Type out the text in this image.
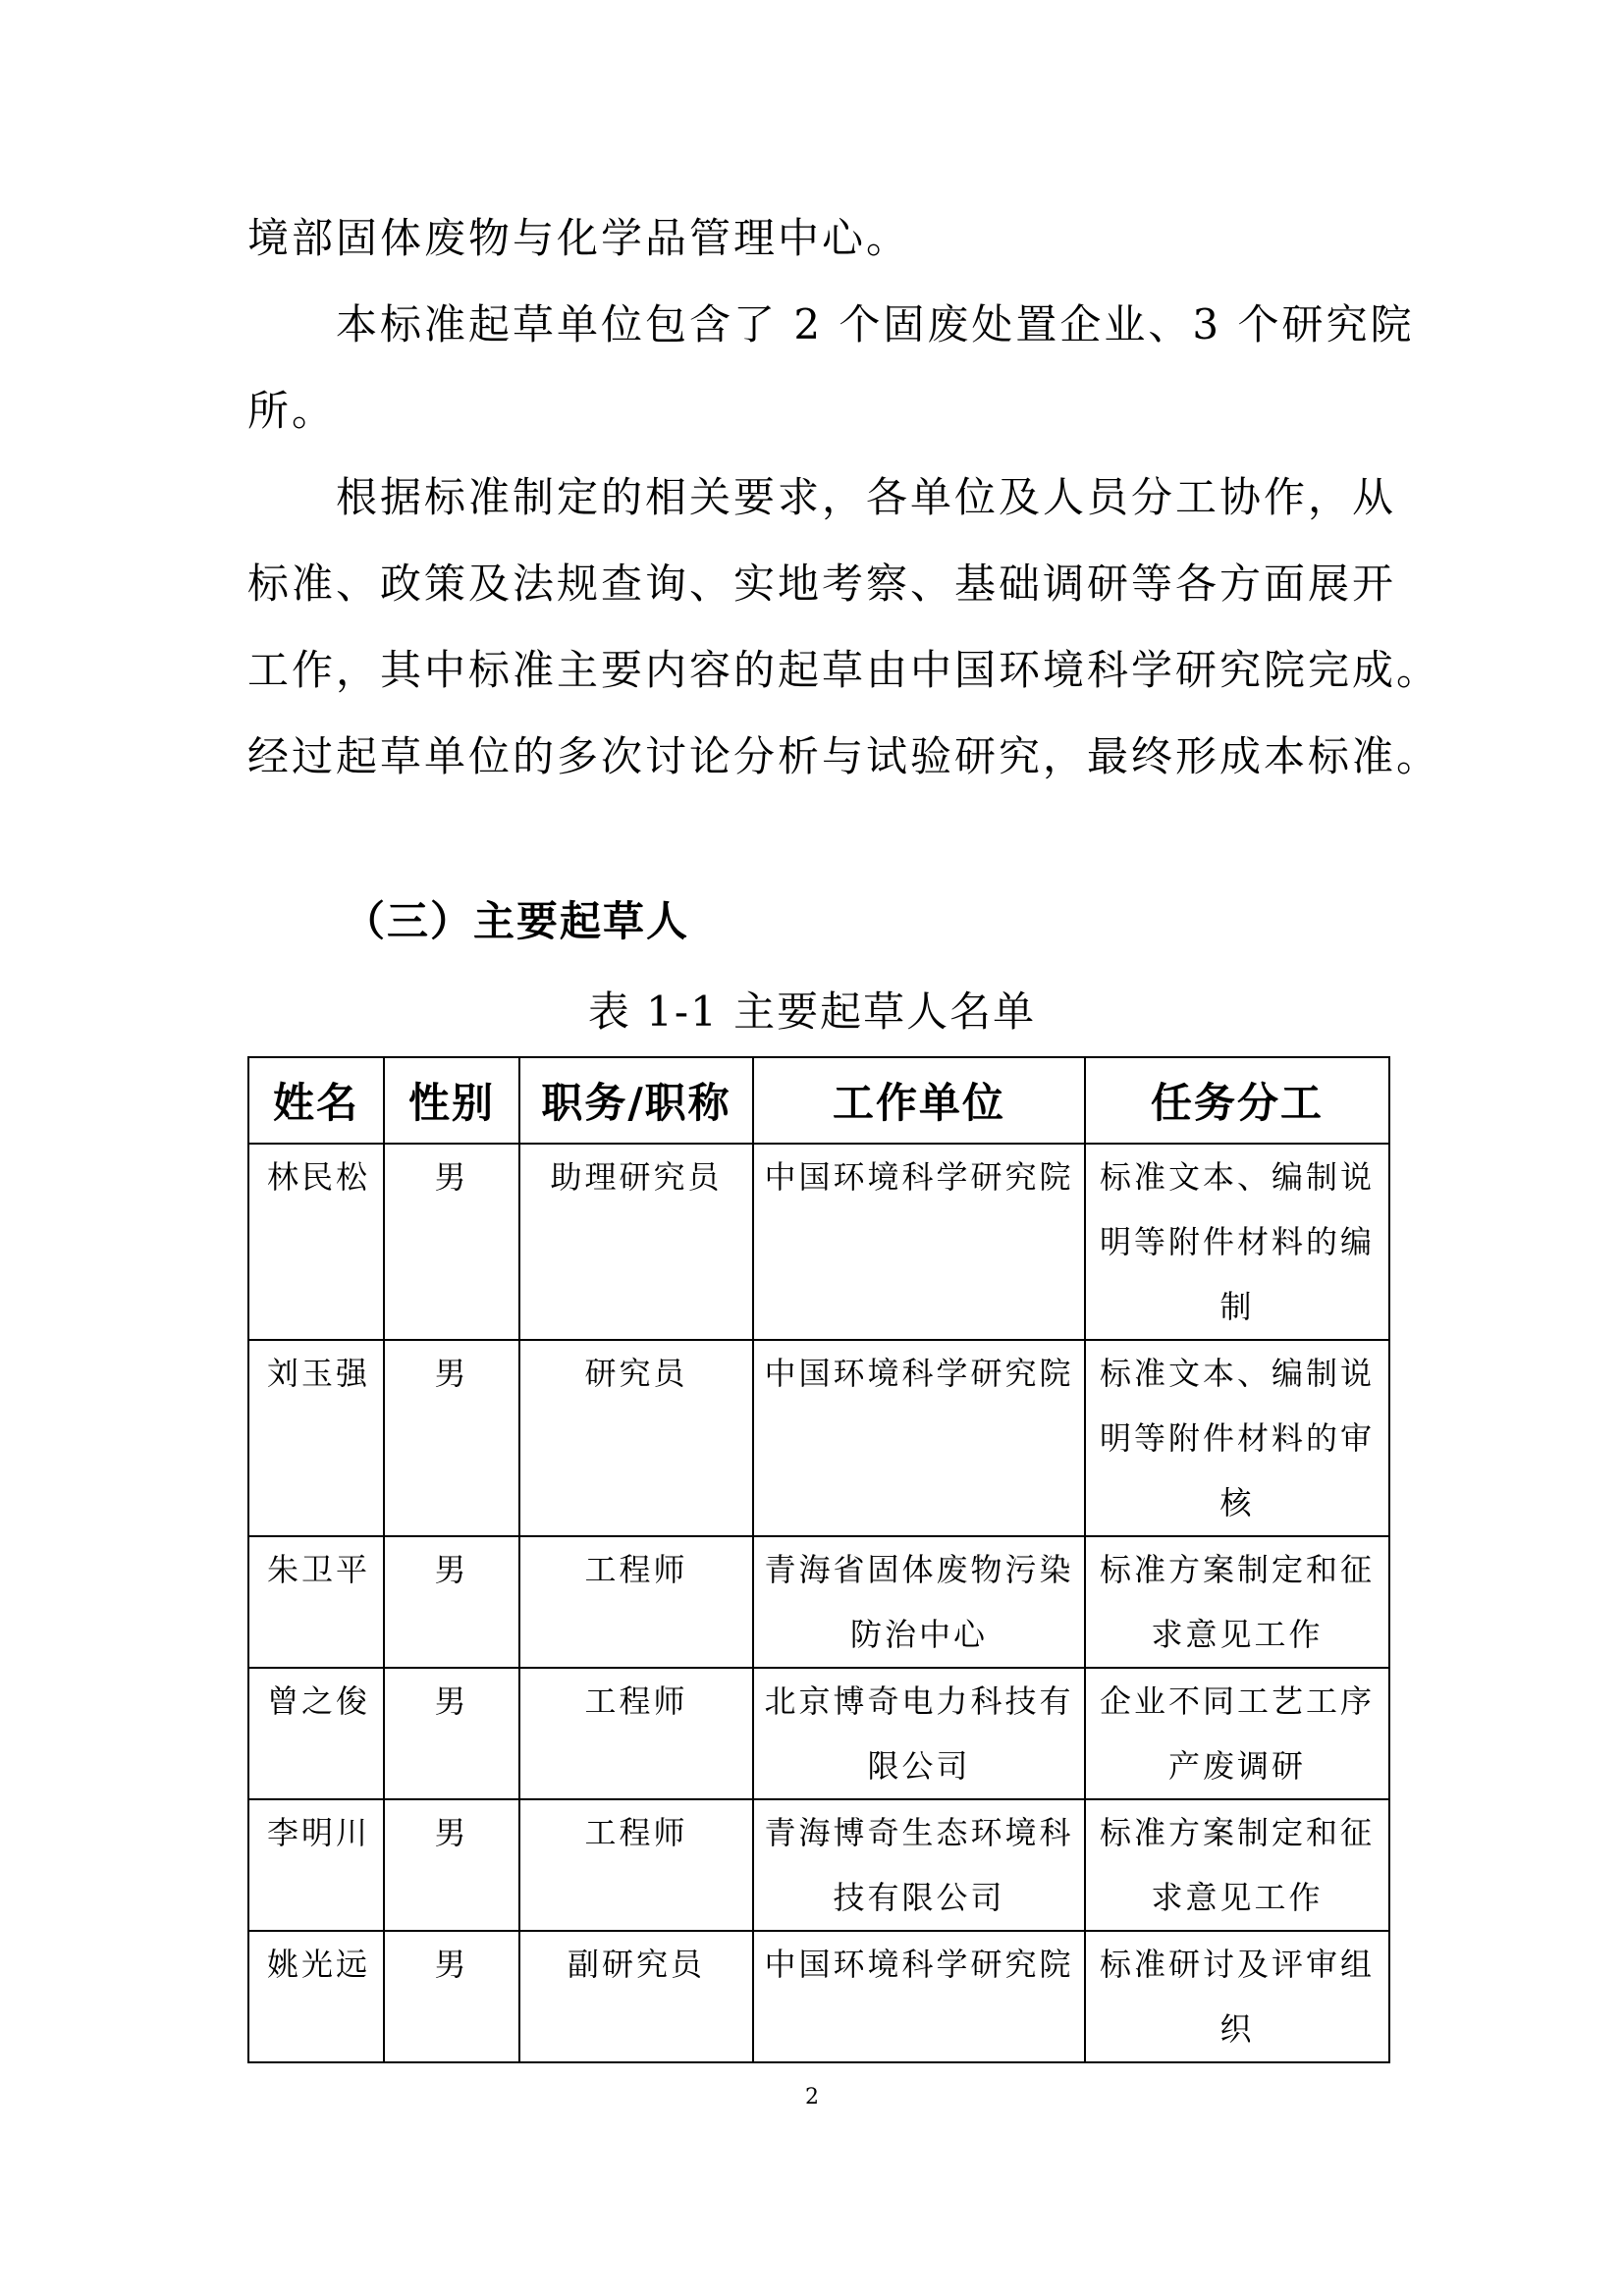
境部固体废物与化学品管理中心。
本标准起草单位包含了 2 个固废处置企业、3 个研究院
所。
根据标准制定的相关要求，各单位及人员分工协作，从
标准、政策及法规查询、实地考察、基础调研等各方面展开
工作，其中标准主要内容的起草由中国环境科学研究院完成。
经过起草单位的多次讨论分析与试验研究，最终形成本标准。
（三）主要起草人
表 1-1 主要起草人名单
姓名	性别	职务/职称	工作单位	任务分工
林民松	男	助理研究员	中国环境科学研究院	标准文本、编制说明等附件材料的编制
刘玉强	男	研究员	中国环境科学研究院	标准文本、编制说明等附件材料的审核
朱卫平	男	工程师	青海省固体废物污染防治中心	标准方案制定和征求意见工作
曾之俊	男	工程师	北京博奇电力科技有限公司	企业不同工艺工序产废调研
李明川	男	工程师	青海博奇生态环境科技有限公司	标准方案制定和征求意见工作
姚光远	男	副研究员	中国环境科学研究院	标准研讨及评审组织
2
